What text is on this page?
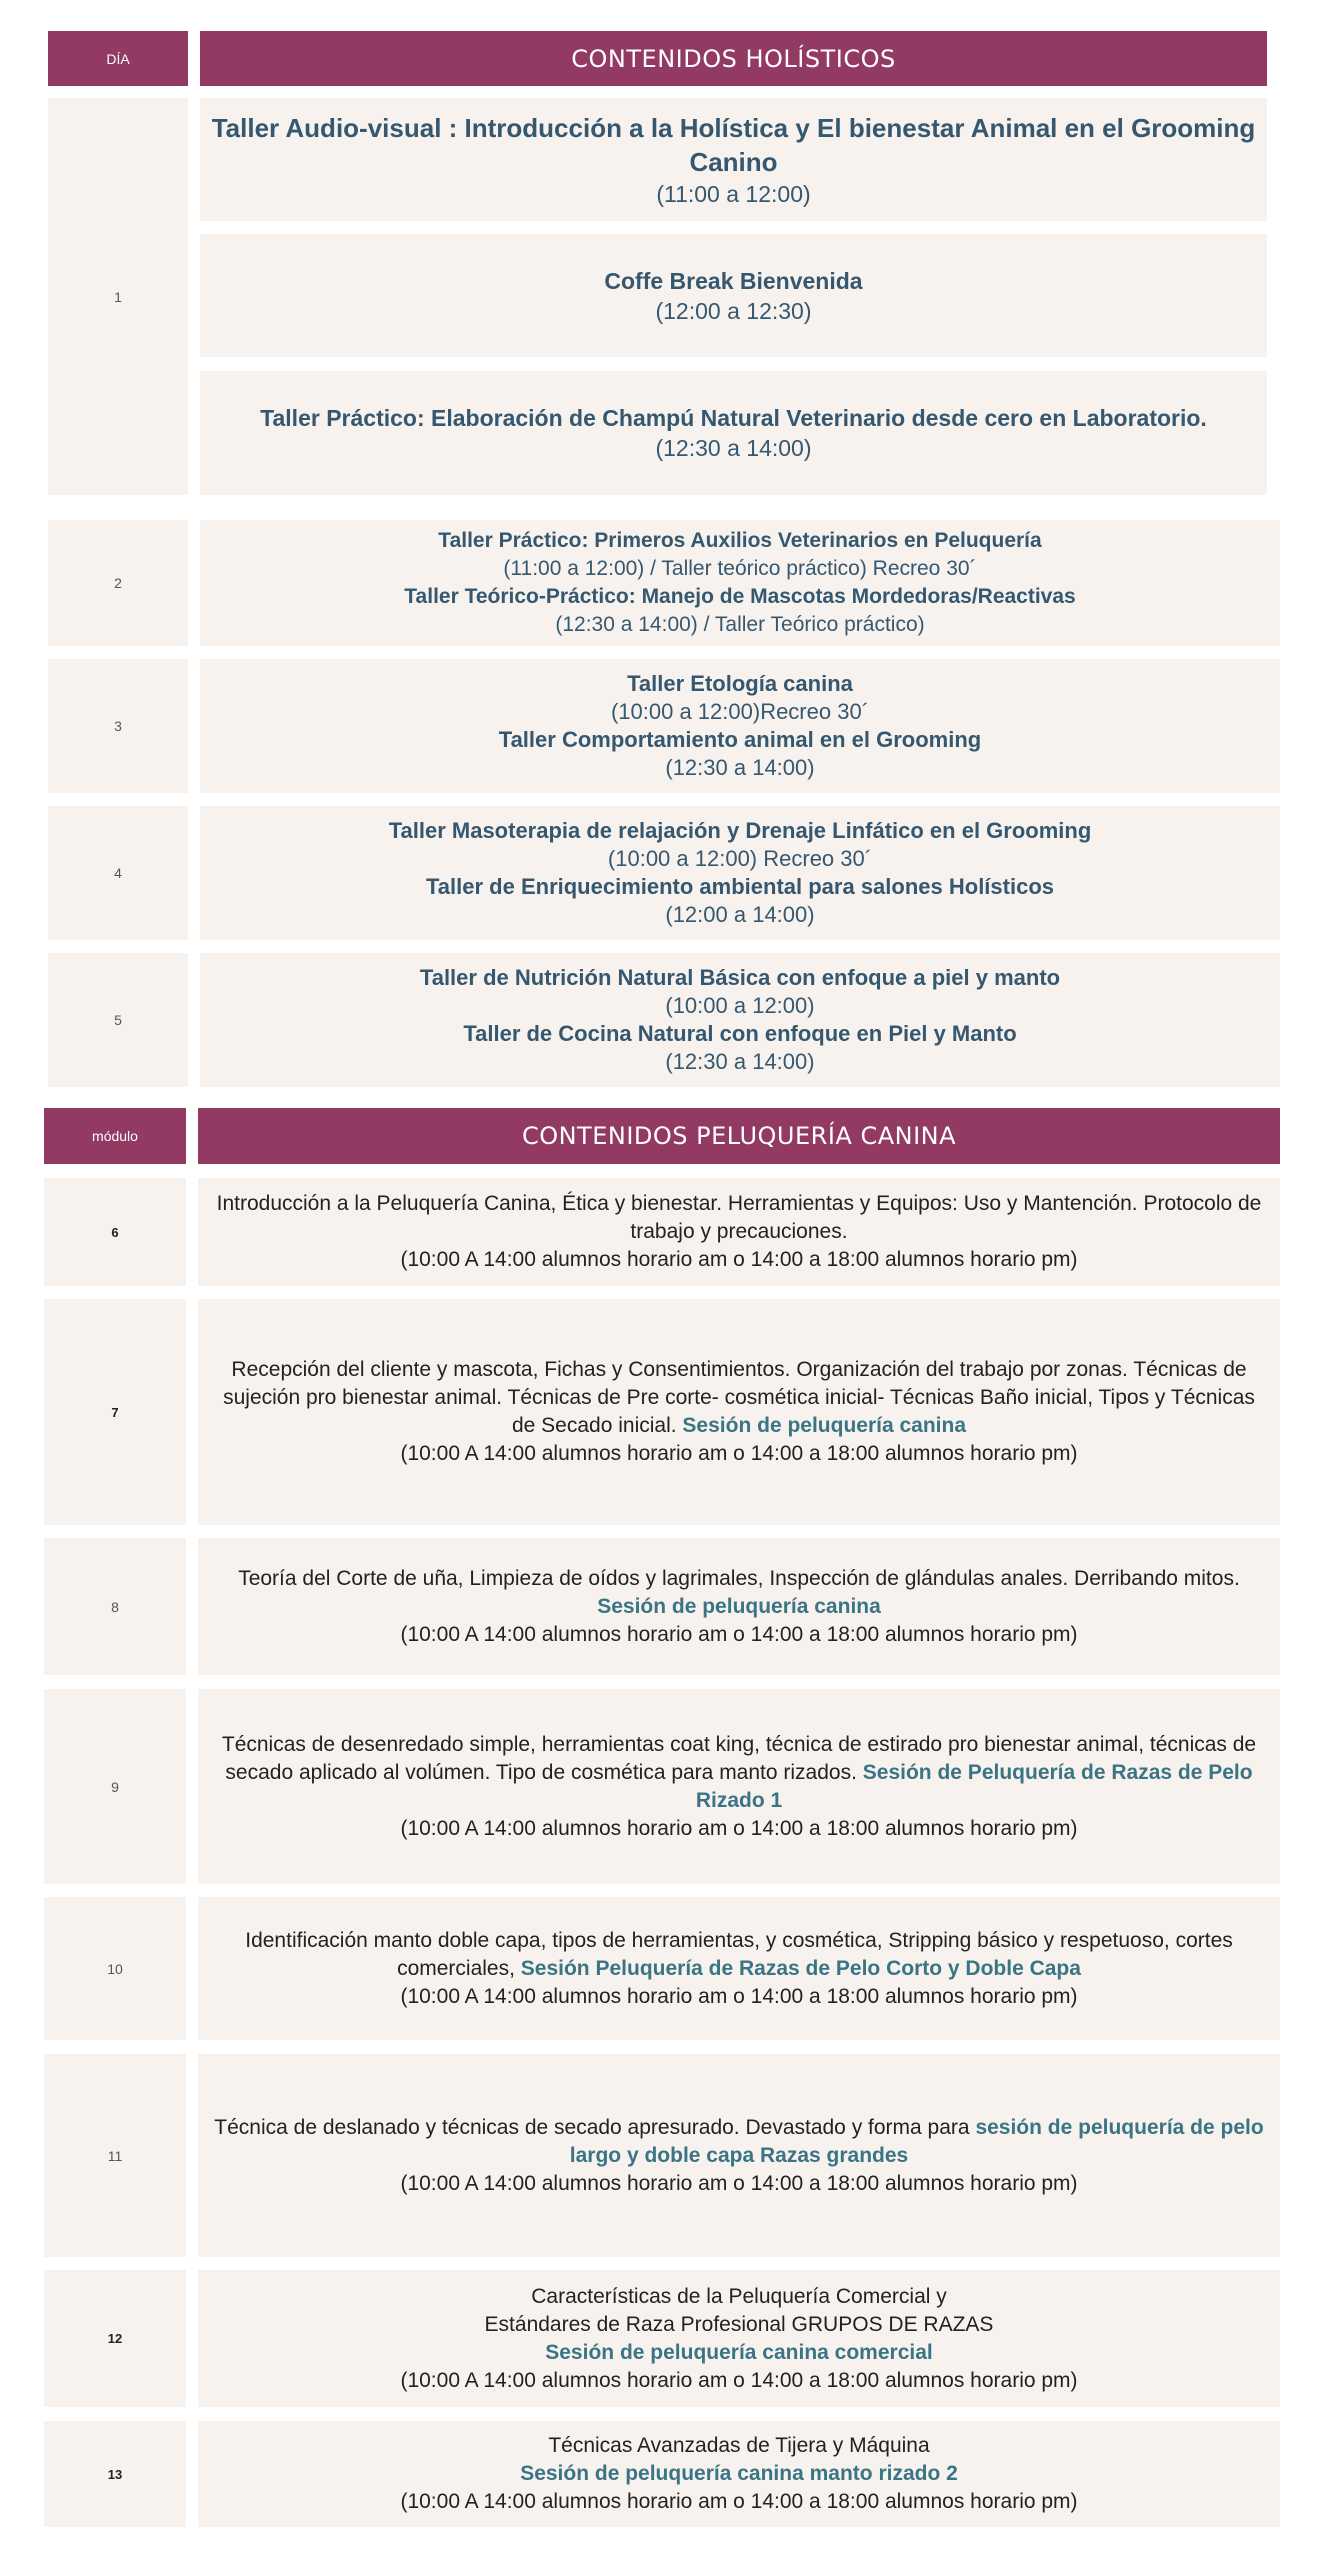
DÍA	CONTENIDOS HOLÍSTICOS
1
Taller Audio-visual : Introducción a la Holística y El bienestar Animal en el Grooming Canino
(11:00 a 12:00)
Coffe Break Bienvenida
(12:00 a 12:30)
Taller Práctico: Elaboración de Champú Natural Veterinario desde cero en Laboratorio.
(12:30 a 14:00)
2
Taller Práctico: Primeros Auxilios Veterinarios en Peluquería
(11:00 a 12:00) / Taller teórico práctico) Recreo 30´
Taller Teórico-Práctico: Manejo de Mascotas Mordedoras/Reactivas
(12:30 a 14:00) / Taller Teórico práctico)
3
Taller Etología canina
(10:00 a 12:00)Recreo 30´
Taller Comportamiento animal en el Grooming
(12:30 a 14:00)
4
Taller Masoterapia de relajación y Drenaje Linfático en el Grooming
(10:00 a 12:00) Recreo 30´
Taller de Enriquecimiento ambiental para salones Holísticos
(12:00 a 14:00)
5
Taller de Nutrición Natural Básica con enfoque a piel y manto
(10:00 a 12:00)
Taller de Cocina Natural con enfoque en Piel y Manto
(12:30 a 14:00)
módulo	CONTENIDOS PELUQUERÍA CANINA
6
Introducción a la Peluquería Canina, Ética y bienestar. Herramientas y Equipos: Uso y Mantención. Protocolo de trabajo y precauciones.
(10:00 A 14:00 alumnos horario am o 14:00 a 18:00 alumnos horario pm)
7
Recepción del cliente y mascota, Fichas y Consentimientos. Organización del trabajo por zonas. Técnicas de sujeción pro bienestar animal. Técnicas de Pre corte- cosmética inicial- Técnicas Baño inicial, Tipos y Técnicas de Secado inicial. Sesión de peluquería canina
(10:00 A 14:00 alumnos horario am o 14:00 a 18:00 alumnos horario pm)
8
Teoría del Corte de uña, Limpieza de oídos y lagrimales, Inspección de glándulas anales. Derribando mitos.
Sesión de peluquería canina
(10:00 A 14:00 alumnos horario am o 14:00 a 18:00 alumnos horario pm)
9
Técnicas de desenredado simple, herramientas coat king, técnica de estirado pro bienestar animal, técnicas de secado aplicado al volúmen. Tipo de cosmética para manto rizados. Sesión de Peluquería de Razas de Pelo Rizado 1
(10:00 A 14:00 alumnos horario am o 14:00 a 18:00 alumnos horario pm)
10
Identificación manto doble capa, tipos de herramientas, y cosmética, Stripping básico y respetuoso, cortes comerciales, Sesión Peluquería de Razas de Pelo Corto y Doble Capa
(10:00 A 14:00 alumnos horario am o 14:00 a 18:00 alumnos horario pm)
11
Técnica de deslanado y técnicas de secado apresurado. Devastado y forma para sesión de peluquería de pelo largo y doble capa Razas grandes
(10:00 A 14:00 alumnos horario am o 14:00 a 18:00 alumnos horario pm)
12
Características de la Peluquería Comercial y
Estándares de Raza Profesional GRUPOS DE RAZAS
Sesión de peluquería canina comercial
(10:00 A 14:00 alumnos horario am o 14:00 a 18:00 alumnos horario pm)
13
Técnicas Avanzadas de Tijera y Máquina
Sesión de peluquería canina manto rizado 2
(10:00 A 14:00 alumnos horario am o 14:00 a 18:00 alumnos horario pm)
